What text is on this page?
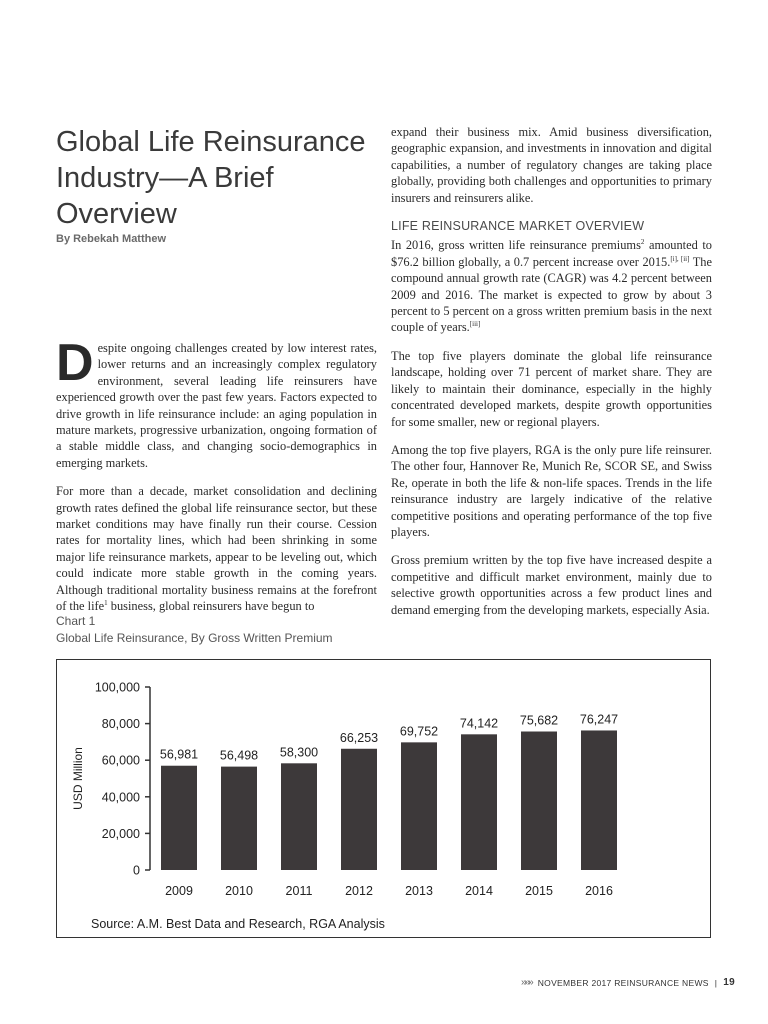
Global Life Reinsurance Industry—A Brief Overview
By Rebekah Matthew

Despite ongoing challenges created by low interest rates, lower returns and an increasingly complex regulatory environment, several leading life reinsurers have experienced growth over the past few years. Factors expected to drive growth in life reinsurance include: an aging population in mature markets, progressive urbanization, ongoing formation of a stable middle class, and changing socio-demographics in emerging markets.

For more than a decade, market consolidation and declining growth rates defined the global life reinsurance sector, but these market conditions may have finally run their course. Cession rates for mortality lines, which had been shrinking in some major life reinsurance markets, appear to be leveling out, which could indicate more stable growth in the coming years. Although traditional mortality business remains at the forefront of the life$^1$ business, global reinsurers have begun to

expand their business mix. Amid business diversification, geographic expansion, and investments in innovation and digital capabilities, a number of regulatory changes are taking place globally, providing both challenges and opportunities to primary insurers and reinsurers alike.

LIFE REINSURANCE MARKET OVERVIEW

In 2016, gross written life reinsurance premiums$^2$ amounted to $76.2 billion globally, a 0.7 percent increase over 2015.[i], [ii] The compound annual growth rate (CAGR) was 4.2 percent between 2009 and 2016. The market is expected to grow by about 3 percent to 5 percent on a gross written premium basis in the next couple of years.[iii]

The top five players dominate the global life reinsurance landscape, holding over 71 percent of market share. They are likely to maintain their dominance, especially in the highly concentrated developed markets, despite growth opportunities for some smaller, new or regional players.

Among the top five players, RGA is the only pure life reinsurer. The other four, Hannover Re, Munich Re, SCOR SE, and Swiss Re, operate in both the life & non-life spaces. Trends in the life reinsurance industry are largely indicative of the relative competitive positions and operating performance of the top five players.

Gross premium written by the top five have increased despite a competitive and difficult market environment, mainly due to selective growth opportunities across a few product lines and demand emerging from the developing markets, especially Asia.

Chart 1
Global Life Reinsurance, By Gross Written Premium
0
20,000
40,000
60,000
80,000
100,000
USD Million	56,981
2009
56,498
2010
58,300
2011
66,253
2012
69,752
2013
74,142
2014
75,682
2015
76,247
2016
Source: A.M. Best Data and Research, RGA Analysis
»»» NOVEMBER 2017 REINSURANCE NEWS | 19
